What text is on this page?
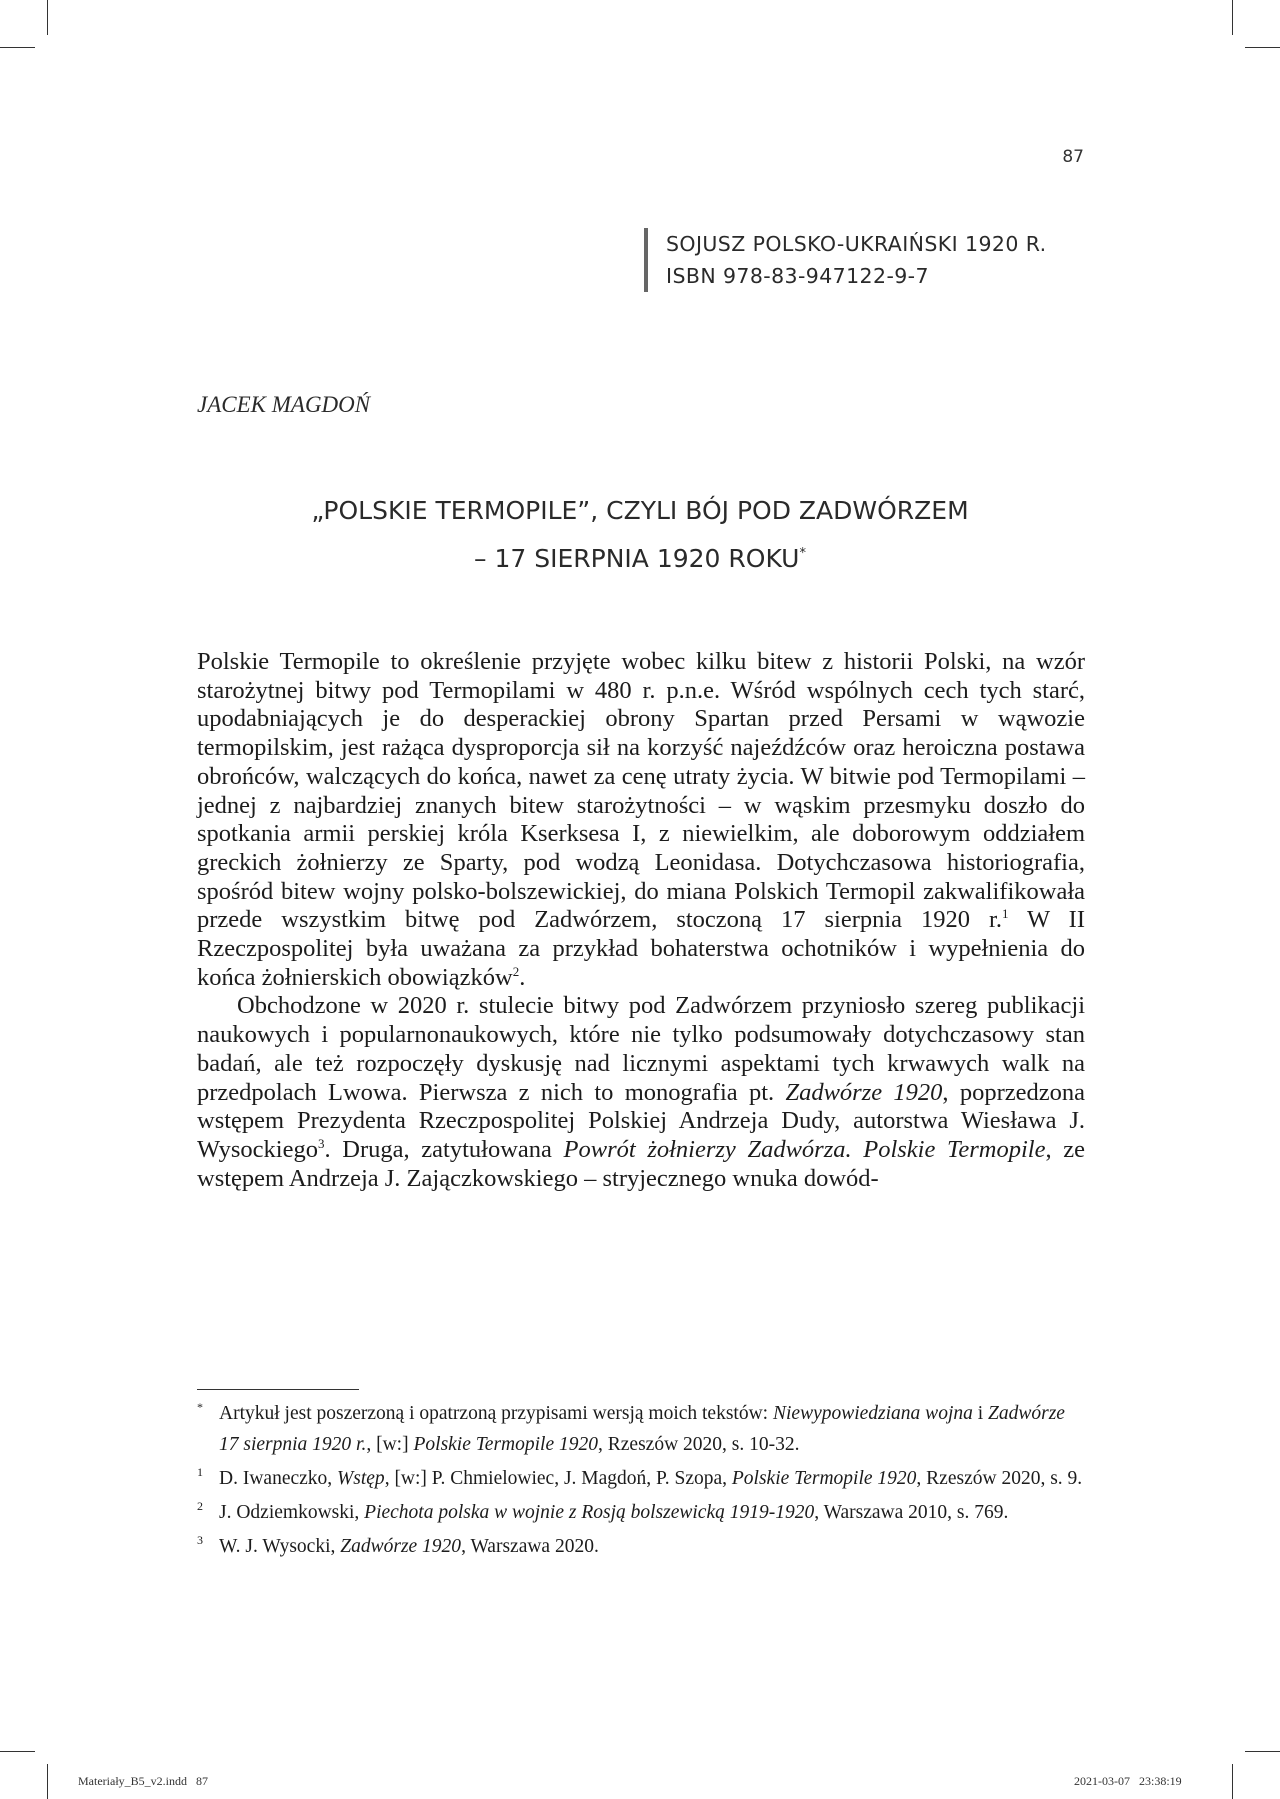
87
SOJUSZ POLSKO-UKRAIŃSKI 1920 R.
ISBN 978-83-947122-9-7
JACEK MAGDOŃ
„POLSKIE TERMOPILE”, CZYLI BÓJ POD ZADWÓRZEM
– 17 SIERPNIA 1920 ROKU*

Polskie Termopile to określenie przyjęte wobec kilku bitew z historii Polski, na wzór starożytnej bitwy pod Termopilami w 480 r. p.n.e. Wśród wspólnych cech tych starć, upodabniających je do desperackiej obrony Spartan przed Persami w wąwozie termopilskim, jest rażąca dysproporcja sił na korzyść najeźdźców oraz heroiczna postawa obrońców, walczących do końca, nawet za cenę utraty życia. W bitwie pod Termopilami – jednej z najbardziej znanych bitew starożytności – w wąskim przesmyku doszło do spotkania armii perskiej króla Kserksesa I, z niewielkim, ale doborowym oddziałem greckich żołnierzy ze Sparty, pod wodzą Leonidasa. Dotychczasowa historiografia, spośród bitew wojny polsko-bolszewickiej, do miana Polskich Termopil zakwalifikowała przede wszystkim bitwę pod Zadwórzem, stoczoną 17 sierpnia 1920 r.$^1$ W II Rzeczpospolitej była uważana za przykład bohaterstwa ochotników i wypełnienia do końca żołnierskich obowiązków$^2$.

Obchodzone w 2020 r. stulecie bitwy pod Zadwórzem przyniosło szereg publikacji naukowych i popularnonaukowych, które nie tylko podsumowały dotychczasowy stan badań, ale też rozpoczęły dyskusję nad licznymi aspektami tych krwawych walk na przedpolach Lwowa. Pierwsza z nich to monografia pt. Zadwórze 1920, poprzedzona wstępem Prezydenta Rzeczpospolitej Polskiej Andrzeja Dudy, autorstwa Wiesława J. Wysockiego$^3$. Druga, zatytułowana Powrót żołnierzy Zadwórza. Polskie Termopile, ze wstępem Andrzeja J. Zajączkowskiego – stryjecznego wnuka dowód-

* Artykuł jest poszerzoną i opatrzoną przypisami wersją moich tekstów: Niewypowiedziana wojna i Zadwórze 17 sierpnia 1920 r., [w:] Polskie Termopile 1920, Rzeszów 2020, s. 10-32.
1 D. Iwaneczko, Wstęp, [w:] P. Chmielowiec, J. Magdoń, P. Szopa, Polskie Termopile 1920, Rzeszów 2020, s. 9.
2 J. Odziemkowski, Piechota polska w wojnie z Rosją bolszewicką 1919-1920, Warszawa 2010, s. 769.
3 W. J. Wysocki, Zadwórze 1920, Warszawa 2020.
Materiały_B5_v2.indd   87	2021-03-07   23:38:19
